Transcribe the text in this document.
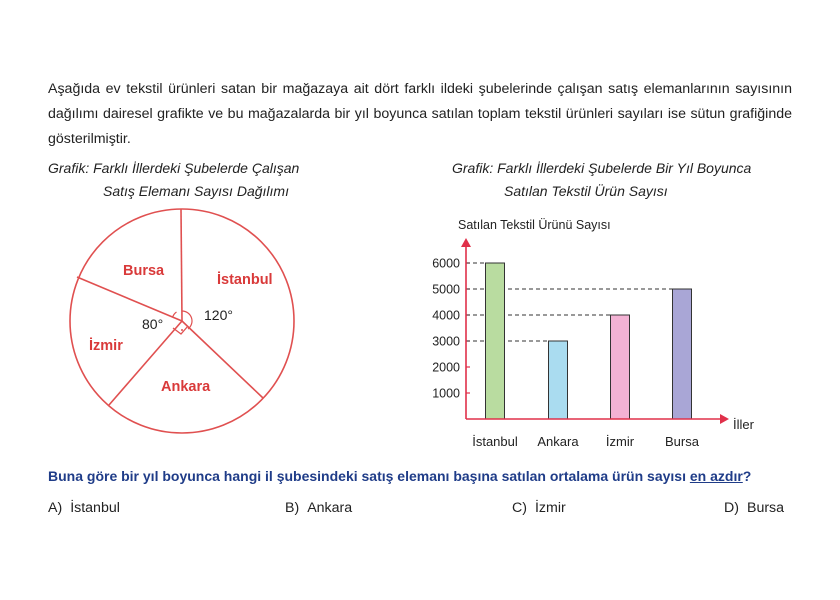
Aşağıda ev tekstil ürünleri satan bir mağazaya ait dört farklı ildeki şubelerinde çalışan satış elemanlarının sayısının dağılımı dairesel grafikte ve bu mağazalarda bir yıl boyunca satılan toplam tekstil ürünleri sayıları ise sütun grafiğinde gösterilmiştir.

Grafik: Farklı İllerdeki Şubelerde Çalışan
Satış Elemanı Sayısı Dağılımı
Grafik: Farklı İllerdeki Şubelerde Bir Yıl Boyunca
Satılan Tekstil Ürün Sayısı
İstanbul
Ankara
İzmir
Bursa
120°
80°
Satılan Tekstil Ürünü Sayısı
İller
1000
2000
3000
4000
5000
6000
İstanbul Ankara İzmir Bursa
Buna göre bir yıl boyunca hangi il şubesindeki satış elemanı başına satılan ortalama ürün sayısı en azdır?
A) İstanbul	B) Ankara	C) İzmir	D) Bursa
